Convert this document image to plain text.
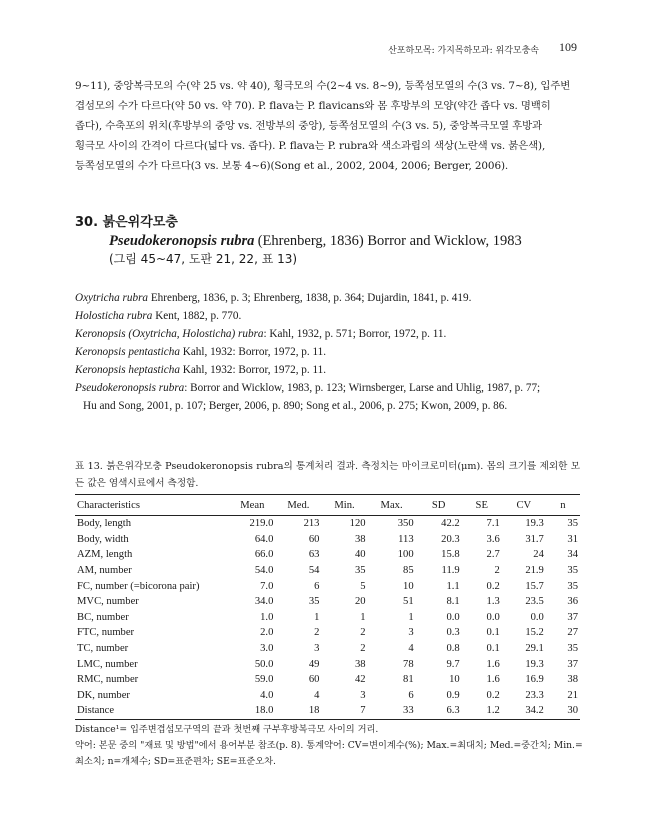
산포하모목: 가지목하모과: 위각모충속 109
9~11), 중앙복극모의 수(약 25 vs. 약 40), 횡극모의 수(2~4 vs. 8~9), 등쪽섬모열의 수(3 vs. 7~8), 입주변
겹섬모의 수가 다르다(약 50 vs. 약 70). P. flava는 P. flavicans와 몸 후방부의 모양(약간 좁다 vs. 명백히
좁다), 수축포의 위치(후방부의 중앙 vs. 전방부의 중앙), 등쪽섬모열의 수(3 vs. 5), 중앙복극모열 후방과
횡극모 사이의 간격이 다르다(넓다 vs. 좁다). P. flava는 P. rubra와 색소과립의 색상(노란색 vs. 붉은색),
등쪽섬모열의 수가 다르다(3 vs. 보통 4~6)(Song et al., 2002, 2004, 2006; Berger, 2006).
30. 붉은위각모충
Pseudokeronopsis rubra (Ehrenberg, 1836) Borror and Wicklow, 1983
(그림 45~47, 도판 21, 22, 표 13)
Oxytricha rubra Ehrenberg, 1836, p. 3; Ehrenberg, 1838, p. 364; Dujardin, 1841, p. 419.
Holosticha rubra Kent, 1882, p. 770.
Keronopsis (Oxytricha, Holosticha) rubra: Kahl, 1932, p. 571; Borror, 1972, p. 11.
Keronopsis pentasticha Kahl, 1932: Borror, 1972, p. 11.
Keronopsis heptasticha Kahl, 1932: Borror, 1972, p. 11.
Pseudokeronopsis rubra: Borror and Wicklow, 1983, p. 123; Wirnsberger, Larse and Uhlig, 1987, p. 77;
Hu and Song, 2001, p. 107; Berger, 2006, p. 890; Song et al., 2006, p. 275; Kwon, 2009, p. 86.
표 13. 붉은위각모충 Pseudokeronopsis rubra의 통계처리 결과. 측정치는 마이크로미터(μm). 몸의 크기를 제외한 모든 값은 염색시료에서 측정함.
Characteristics	Mean	Med.	Min.	Max.	SD	SE	CV	n
Body, length	219.0	213	120	350	42.2	7.1	19.3	35
Body, width	64.0	60	38	113	20.3	3.6	31.7	31
AZM, length	66.0	63	40	100	15.8	2.7	24	34
AM, number	54.0	54	35	85	11.9	2	21.9	35
FC, number (=bicorona pair)	7.0	6	5	10	1.1	0.2	15.7	35
MVC, number	34.0	35	20	51	8.1	1.3	23.5	36
BC, number	1.0	1	1	1	0.0	0.0	0.0	37
FTC, number	2.0	2	2	3	0.3	0.1	15.2	27
TC, number	3.0	3	2	4	0.8	0.1	29.1	35
LMC, number	50.0	49	38	78	9.7	1.6	19.3	37
RMC, number	59.0	60	42	81	10	1.6	16.9	38
DK, number	4.0	4	3	6	0.9	0.2	23.3	21
Distance	18.0	18	7	33	6.3	1.2	34.2	30
Distance¹= 입주변겹섬모구역의 끝과 첫번째 구부후방복극모 사이의 거리.
약어: 본문 중의 "재료 및 방법"에서 용어부분 참조(p. 8). 통계약어: CV=변이계수(%); Max.=최대치; Med.=중간치; Min.=최소치; n=개체수; SD=표준편차; SE=표준오차.
